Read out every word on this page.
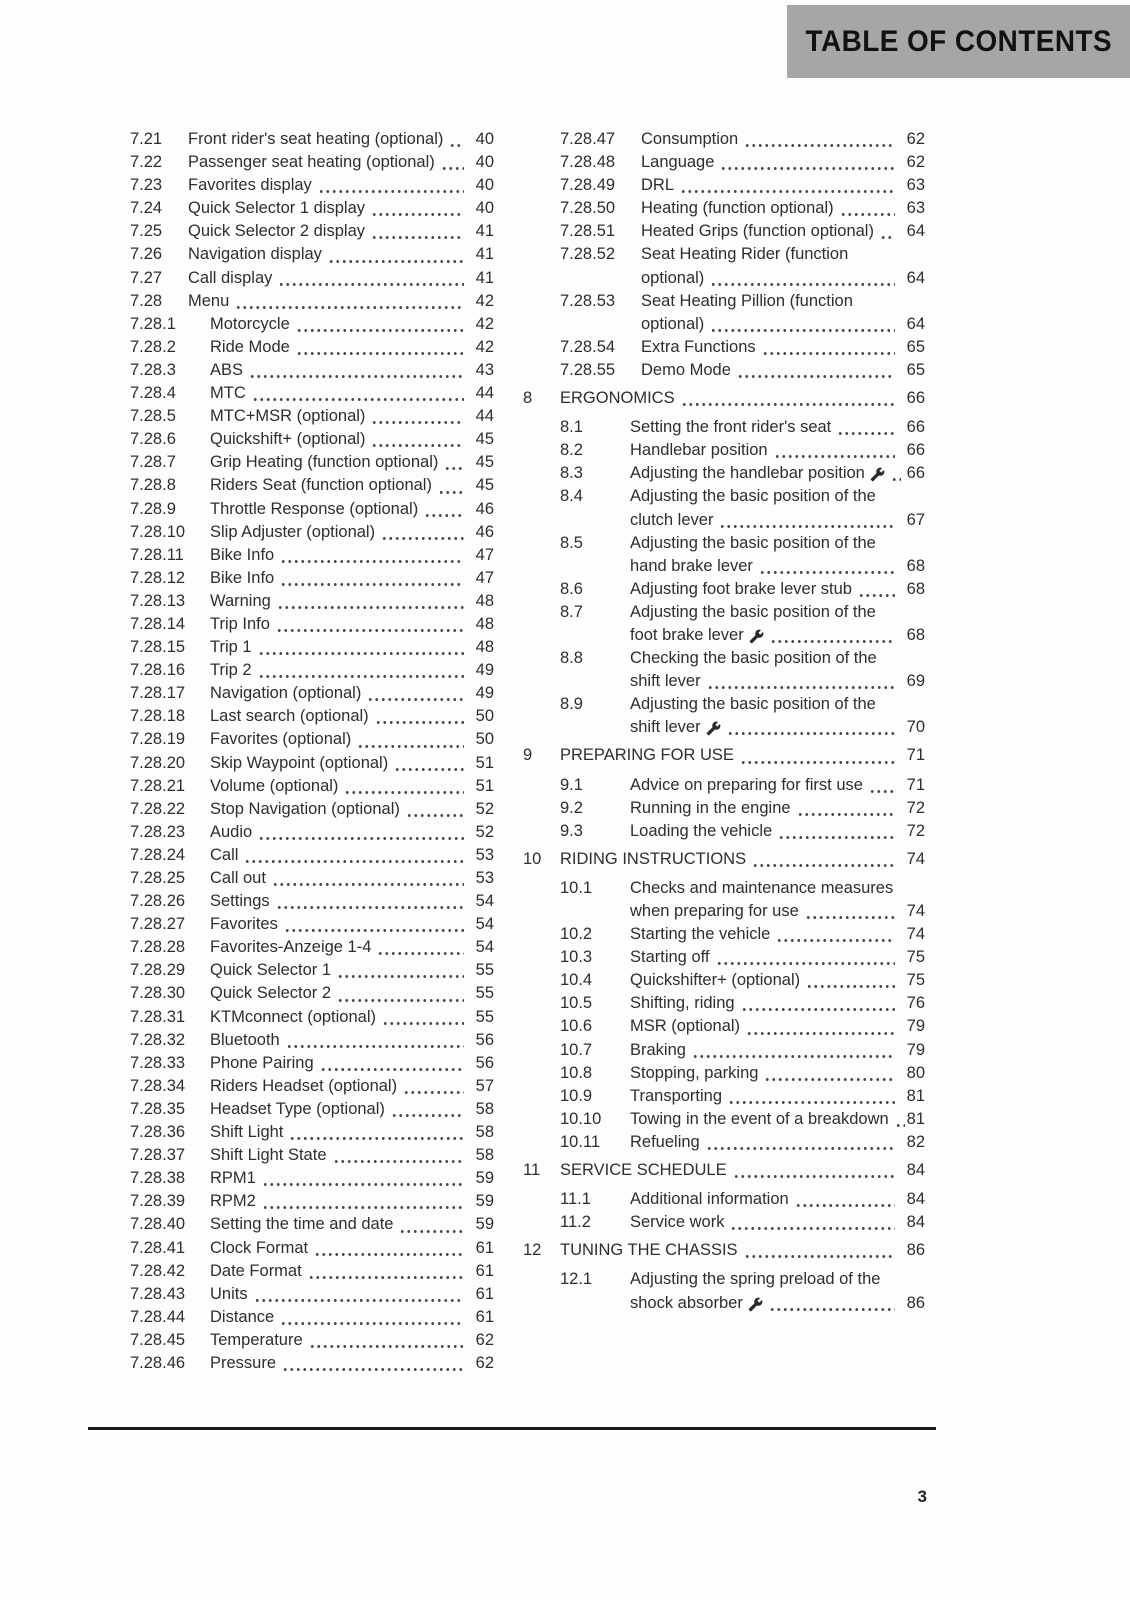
TABLE OF CONTENTS
7.21	Front rider's seat heating (optional)	40
7.22	Passenger seat heating (optional)	40
7.23	Favorites display	40
7.24	Quick Selector 1 display	40
7.25	Quick Selector 2 display	41
7.26	Navigation display	41
7.27	Call display	41
7.28	Menu	42
7.28.1	Motorcycle	42
7.28.2	Ride Mode	42
7.28.3	ABS	43
7.28.4	MTC	44
7.28.5	MTC+MSR (optional)	44
7.28.6	Quickshift+ (optional)	45
7.28.7	Grip Heating (function optional)	45
7.28.8	Riders Seat (function optional)	45
7.28.9	Throttle Response (optional)	46
7.28.10	Slip Adjuster (optional)	46
7.28.11	Bike Info	47
7.28.12	Bike Info	47
7.28.13	Warning	48
7.28.14	Trip Info	48
7.28.15	Trip 1	48
7.28.16	Trip 2	49
7.28.17	Navigation (optional)	49
7.28.18	Last search (optional)	50
7.28.19	Favorites (optional)	50
7.28.20	Skip Waypoint (optional)	51
7.28.21	Volume (optional)	51
7.28.22	Stop Navigation (optional)	52
7.28.23	Audio	52
7.28.24	Call	53
7.28.25	Call out	53
7.28.26	Settings	54
7.28.27	Favorites	54
7.28.28	Favorites-Anzeige 1-4	54
7.28.29	Quick Selector 1	55
7.28.30	Quick Selector 2	55
7.28.31	KTMconnect (optional)	55
7.28.32	Bluetooth	56
7.28.33	Phone Pairing	56
7.28.34	Riders Headset (optional)	57
7.28.35	Headset Type (optional)	58
7.28.36	Shift Light	58
7.28.37	Shift Light State	58
7.28.38	RPM1	59
7.28.39	RPM2	59
7.28.40	Setting the time and date	59
7.28.41	Clock Format	61
7.28.42	Date Format	61
7.28.43	Units	61
7.28.44	Distance	61
7.28.45	Temperature	62
7.28.46	Pressure	62
7.28.47	Consumption	62
7.28.48	Language	62
7.28.49	DRL	63
7.28.50	Heating (function optional)	63
7.28.51	Heated Grips (function optional)	64
7.28.52	Seat Heating Rider (function
optional)	64
7.28.53	Seat Heating Pillion (function
optional)	64
7.28.54	Extra Functions	65
7.28.55	Demo Mode	65
8	ERGONOMICS	66
8.1	Setting the front rider's seat	66
8.2	Handlebar position	66
8.3	Adjusting the handlebar position	66
8.4	Adjusting the basic position of the
clutch lever	67
8.5	Adjusting the basic position of the
hand brake lever	68
8.6	Adjusting foot brake lever stub	68
8.7	Adjusting the basic position of the
foot brake lever	68
8.8	Checking the basic position of the
shift lever	69
8.9	Adjusting the basic position of the
shift lever	70
9	PREPARING FOR USE	71
9.1	Advice on preparing for first use	71
9.2	Running in the engine	72
9.3	Loading the vehicle	72
10	RIDING INSTRUCTIONS	74
10.1	Checks and maintenance measures
when preparing for use	74
10.2	Starting the vehicle	74
10.3	Starting off	75
10.4	Quickshifter+ (optional)	75
10.5	Shifting, riding	76
10.6	MSR (optional)	79
10.7	Braking	79
10.8	Stopping, parking	80
10.9	Transporting	81
10.10	Towing in the event of a breakdown	81
10.11	Refueling	82
11	SERVICE SCHEDULE	84
11.1	Additional information	84
11.2	Service work	84
12	TUNING THE CHASSIS	86
12.1	Adjusting the spring preload of the
shock absorber	86
3
